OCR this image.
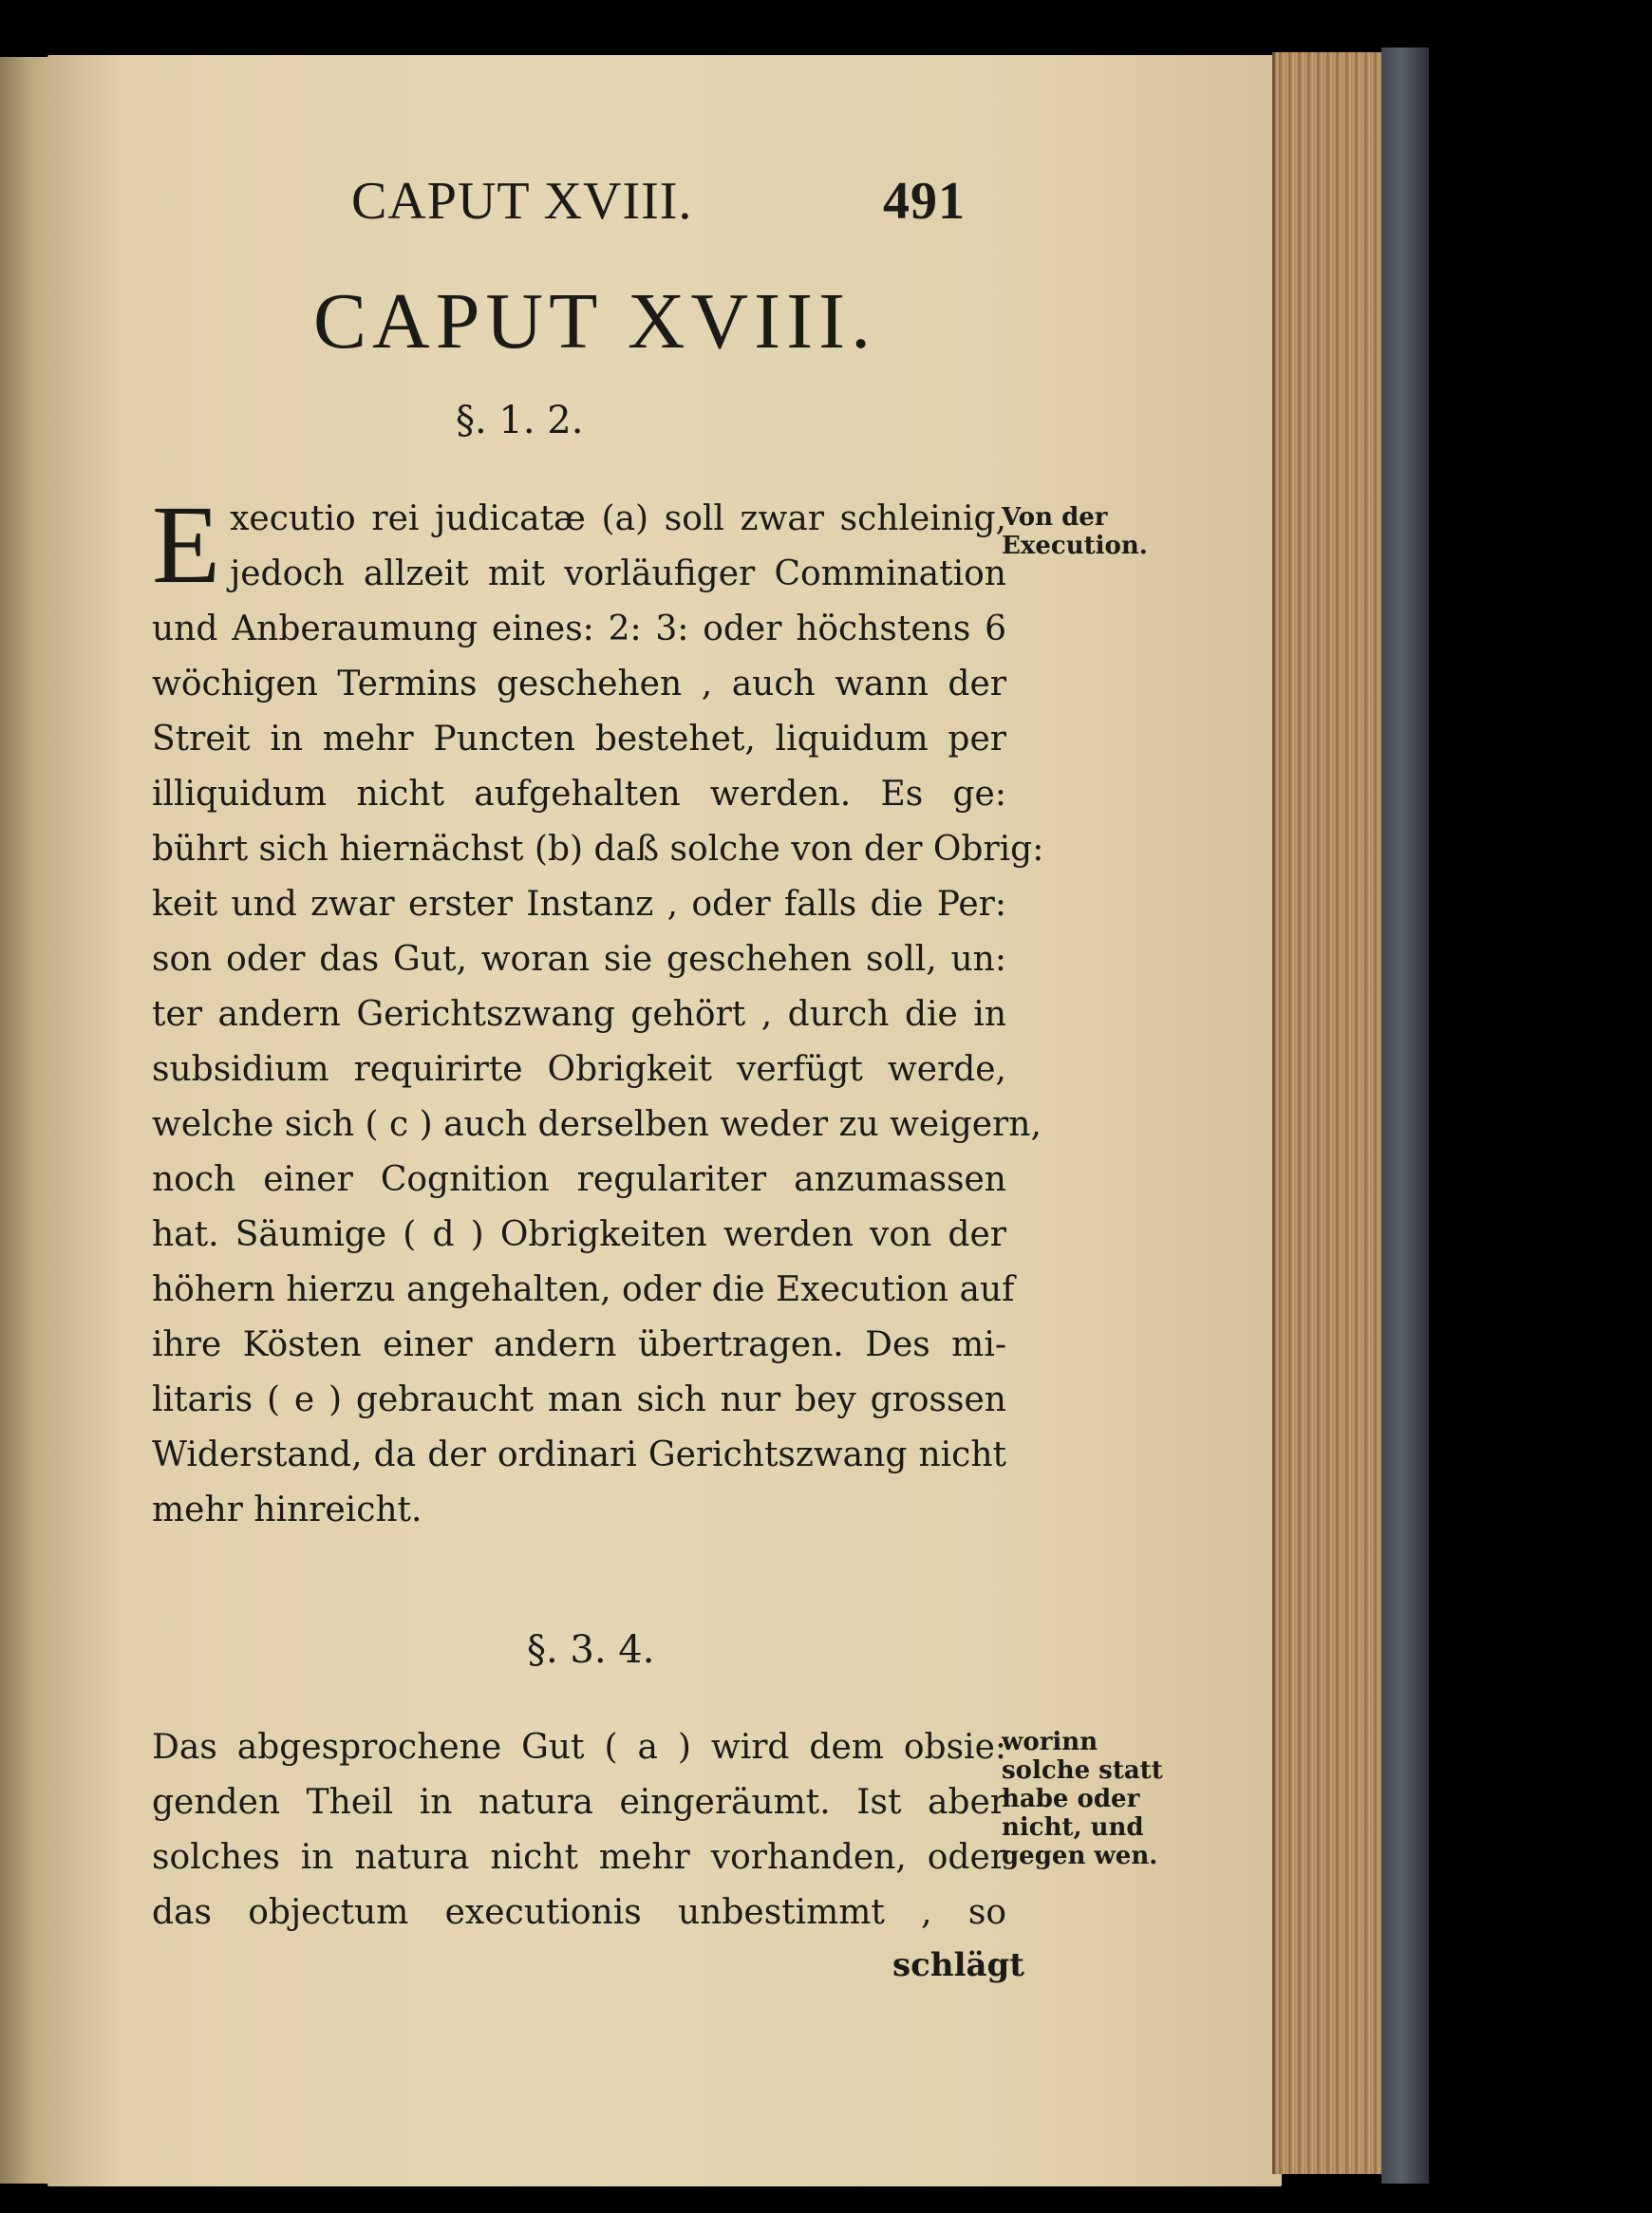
CAPUT XVIII.	491
CAPUT XVIII.
§. 1. 2.
E xecutio rei judicatæ (a) soll zwar schleinig,
jedoch allzeit mit vorläufiger Commination
und Anberaumung eines: 2: 3: oder höchstens 6
wöchigen Termins geschehen , auch wann der
Streit in mehr Puncten bestehet, liquidum per
illiquidum nicht aufgehalten werden. Es ge:
bührt sich hiernächst (b) daß solche von der Obrig:
keit und zwar erster Instanz , oder falls die Per:
son oder das Gut, woran sie geschehen soll, un:
ter andern Gerichtszwang gehört , durch die in
subsidium requirirte Obrigkeit verfügt werde,
welche sich ( c ) auch derselben weder zu weigern,
noch einer Cognition regulariter anzumassen
hat. Säumige ( d ) Obrigkeiten werden von der
höhern hierzu angehalten, oder die Execution auf
ihre Kösten einer andern übertragen. Des mi-
litaris ( e ) gebraucht man sich nur bey grossen
Widerstand, da der ordinari Gerichtszwang nicht
mehr hinreicht.
Von der
Execution.
§. 3. 4.
Das abgesprochene Gut ( a ) wird dem obsie:
genden Theil in natura eingeräumt. Ist aber
solches in natura nicht mehr vorhanden, oder
das objectum executionis unbestimmt , so
worinn
solche statt
habe oder
nicht, und
gegen wen.
schlägt
